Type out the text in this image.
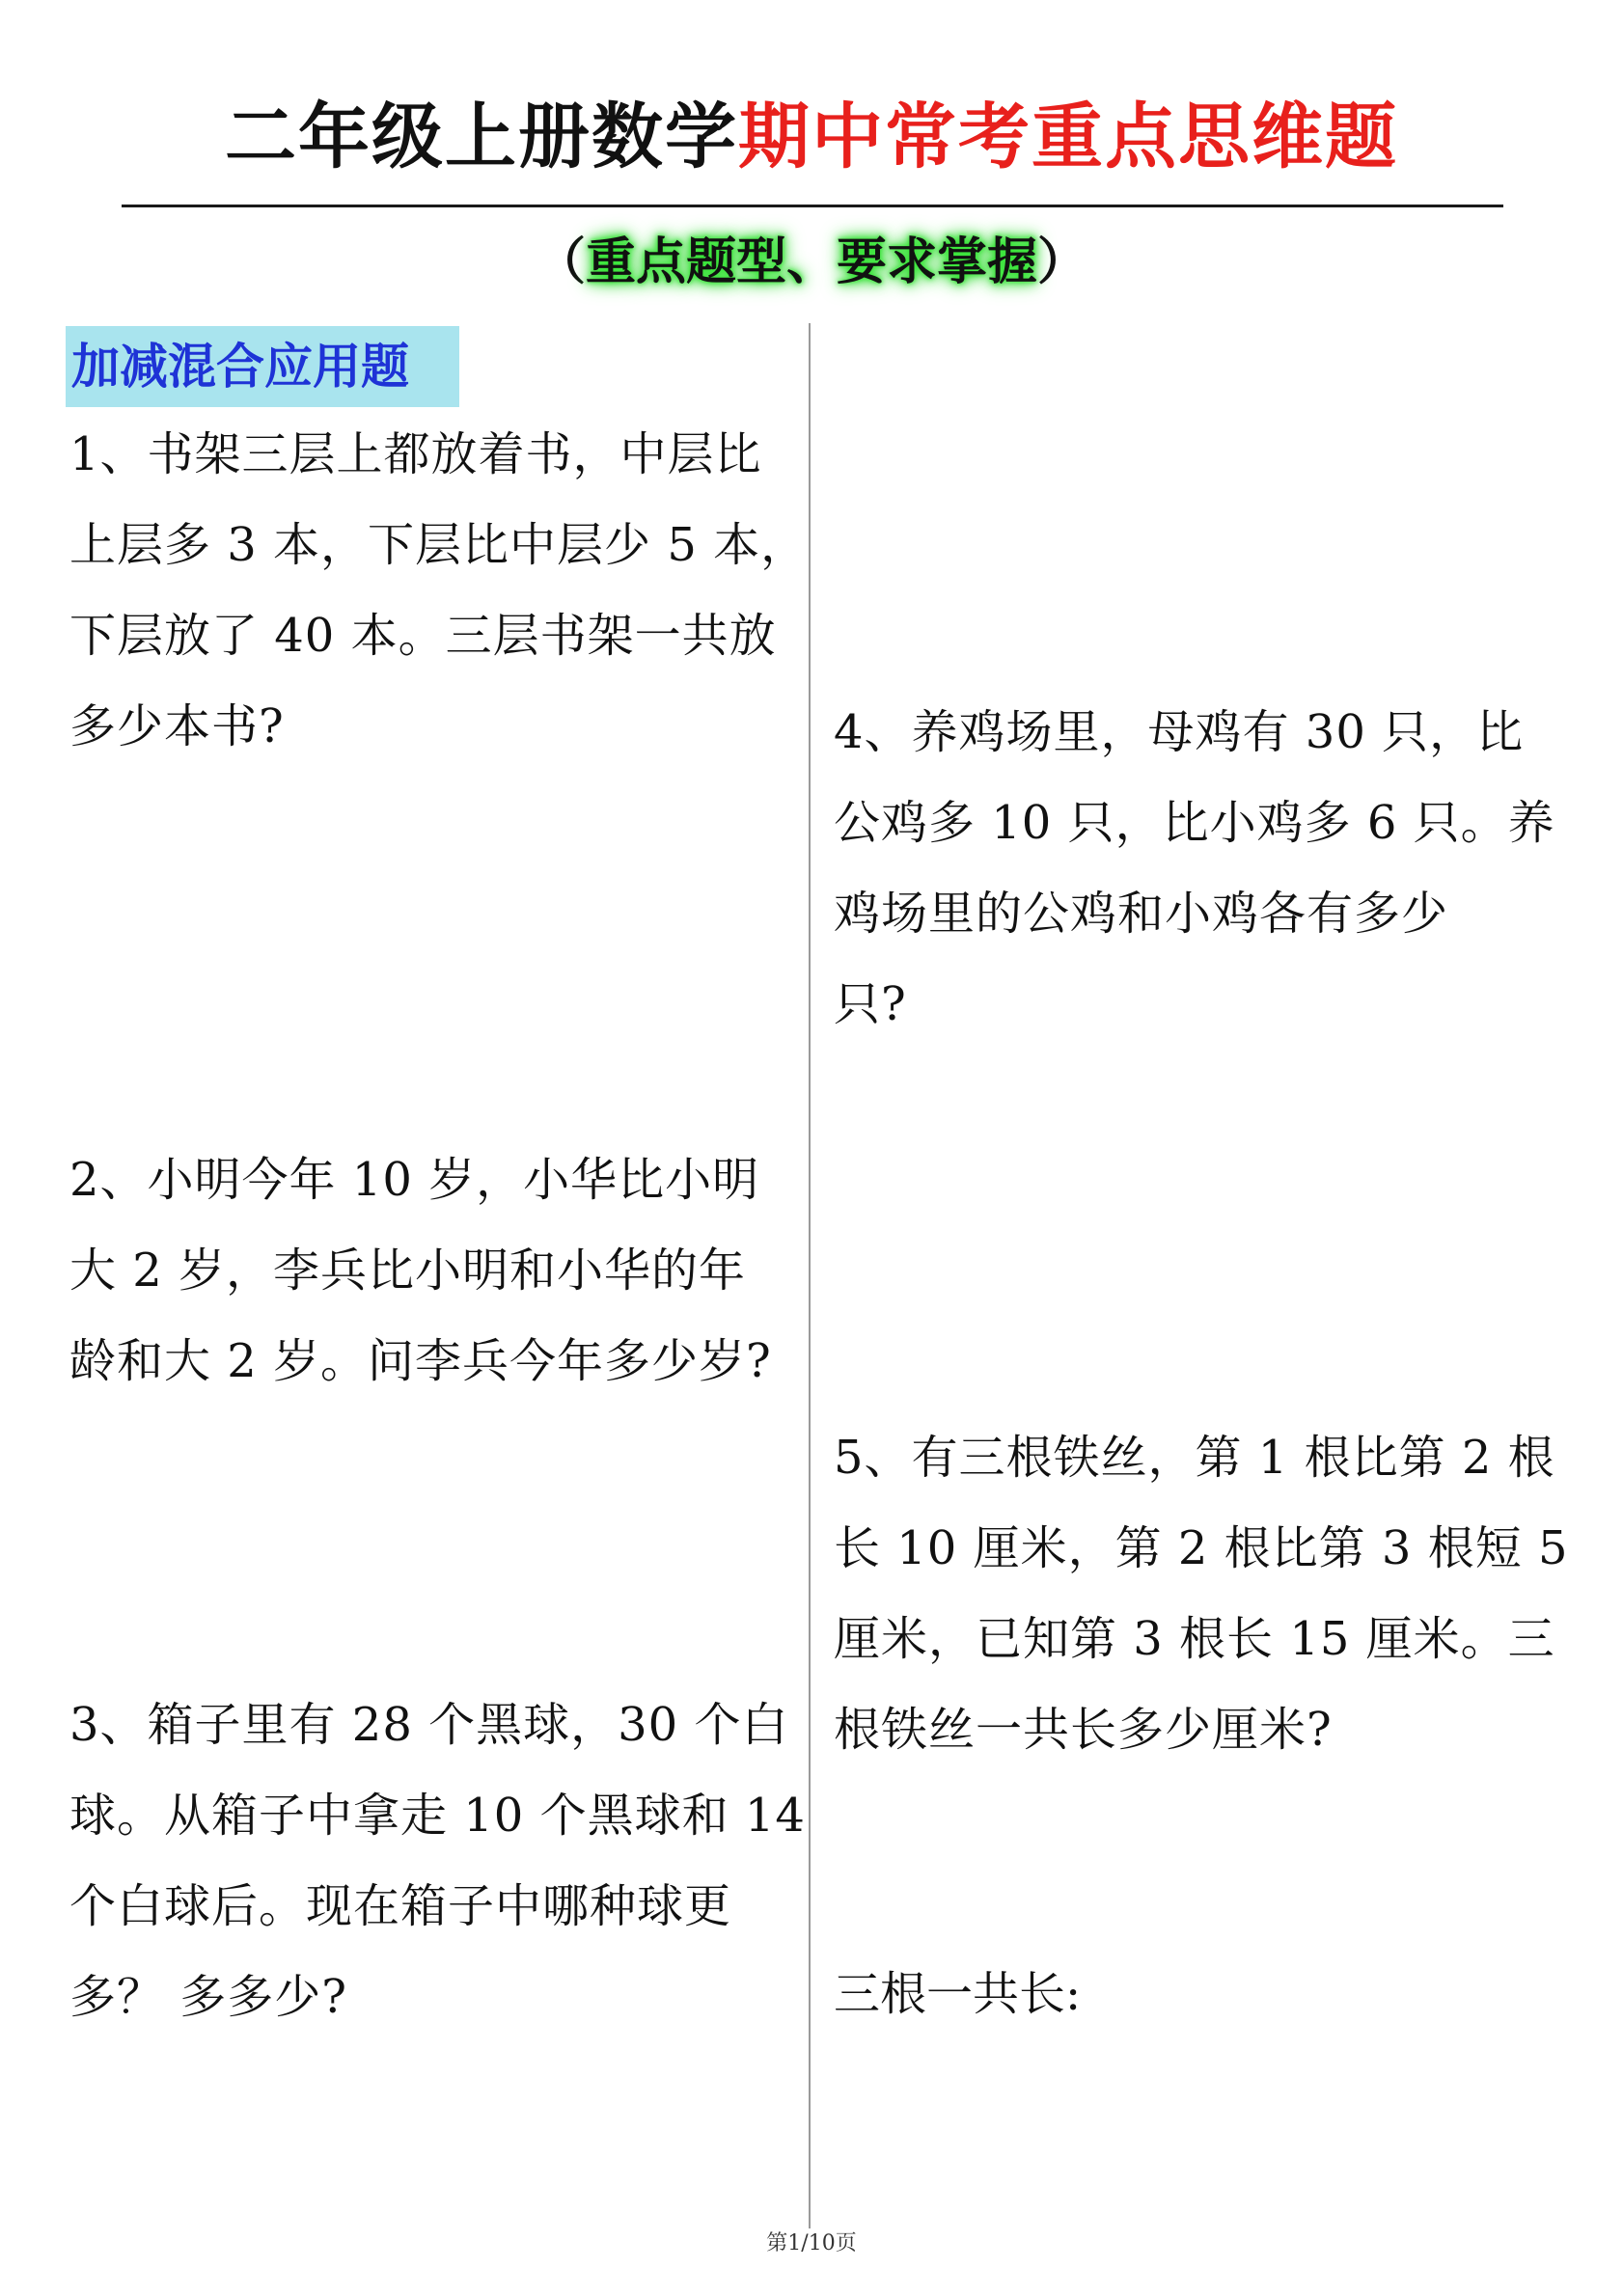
二年级上册数学期中常考重点思维题
（重点题型、要求掌握）
加减混合应用题
1、书架三层上都放着书，中层比
上层多 3 本，下层比中层少 5 本，
下层放了 40 本。三层书架一共放
多少本书?
2、小明今年 10 岁，小华比小明
大 2 岁，李兵比小明和小华的年
龄和大 2 岁。问李兵今年多少岁?
3、箱子里有 28 个黑球，30 个白
球。从箱子中拿走 10 个黑球和 14
个白球后。现在箱子中哪种球更
多？ 多多少?
4、养鸡场里，母鸡有 30 只，比
公鸡多 10 只，比小鸡多 6 只。养
鸡场里的公鸡和小鸡各有多少
只?
5、有三根铁丝，第 1 根比第 2 根
长 10 厘米，第 2 根比第 3 根短 5
厘米，已知第 3 根长 15 厘米。三
根铁丝一共长多少厘米?
三根一共长:
第1/10页
